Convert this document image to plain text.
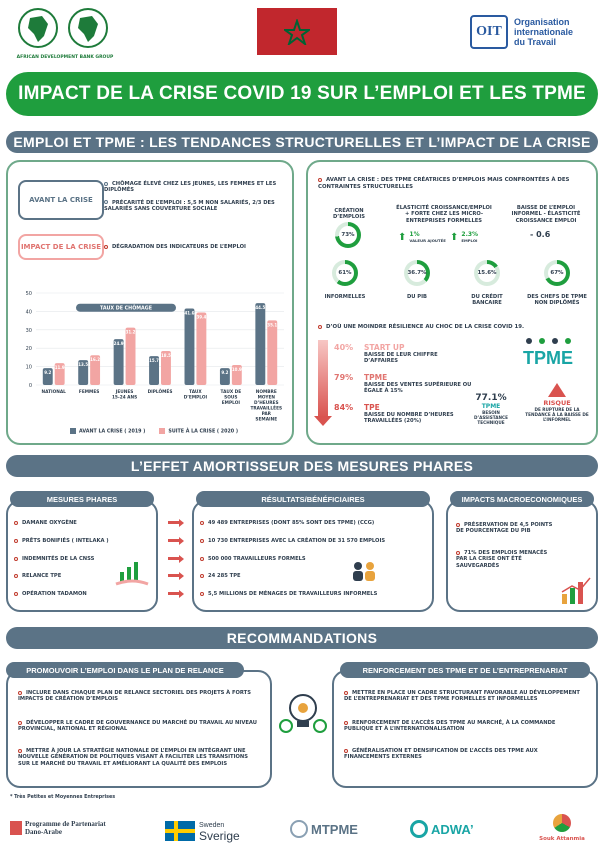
AFRICAN DEVELOPMENT BANK GROUP
OIT
Organisation
internationale
du Travail
IMPACT DE LA CRISE COVID 19 SUR L’EMPLOI ET LES TPME
EMPLOI ET TPME : LES TENDANCES STRUCTURELLES ET L’IMPACT DE LA CRISE
AVANT LA CRISE
CHÔMAGE ÉLEVÉ CHEZ LES JEUNES, LES FEMMES ET LES DIPLÔMÉS
PRÉCARITÉ DE L’EMPLOI : 5,5 M NON SALARIÉS, 2/3 DES SALARIÉS SANS COUVERTURE SOCIALE
IMPACT DE LA CRISE	DÉGRADATION DES INDICATEURS DE L’EMPLOI
0
10
20
30
40
50
TAUX DE CHÔMAGE
9.2
11.9
NATIONAL
13.5
16.2
FEMMES
24.9
31.2
JEUNES
15-24 ANS
15.7
18.5
DIPLÔMÉS
41.6
39.4
TAUX
D’EMPLOI
9.2
10.9
TAUX DE
SOUS
EMPLOI
44.5
35.1
NOMBRE
MOYEN
D’HEURES
TRAVAILLÉES
PAR
SEMAINE
AVANT LA CRISE ( 2019 )	SUITE À LA CRISE ( 2020 )
AVANT LA CRISE : DES TPME CRÉATRICES D’EMPLOIS MAIS CONFRONTÉES À DES CONTRAINTES STRUCTURELLES
CRÉATION D’EMPLOIS
73%
ÉLASTICITÉ CROISSANCE/EMPLOI + FORTE CHEZ LES MICRO-ENTREPRISES FORMELLES
⬆ 1%
VALEUR AJOUTÉE ⬆ 2.3%
EMPLOI
BAISSE DE L’EMPLOI INFORMEL - ÉLASTICITÉ CROISSANCE EMPLOI
- 0.6
61%
INFORMELLES
36.7%
DU PIB
15.6%
DU CRÉDIT BANCAIRE
67%
DES CHEFS DE TPME NON DIPLÔMÉS
D’OÙ UNE MOINDRE RÉSILIENCE AU CHOC DE LA CRISE COVID 19.
40%	START UP
BAISSE DE LEUR CHIFFRE D’AFFAIRES
79%	TPME
BAISSE DES VENTES SUPÉRIEURE OU ÉGALE À 15%
84%	TPE
BAISSE DU NOMBRE D’HEURES TRAVAILLÉES (20%)
TPME
77.1%
TPME
BESOIN D’ASSISTANCE TECHNIQUE
RISQUE
DE RUPTURE DE LA TENDANCE À LA BAISSE DE L’INFORMEL
L’EFFET AMORTISSEUR DES MESURES PHARES
MESURES PHARES	RÉSULTATS/BÉNÉFICIAIRES	IMPACTS MACROECONOMIQUES
DAMANE OXYGÈNE	49 489 ENTREPRISES (DONT 85% SONT DES TPME) (CCG)
PRÊTS BONIFIÉS ( INTELAKA )	10 730 ENTREPRISES AVEC LA CRÉATION DE 31 570 EMPLOIS
INDEMNITÉS DE LA CNSS	500 000 TRAVAILLEURS FORMELS
RELANCE TPE	24 285 TPE
OPÉRATION TADAMON	5,5 MILLIONS DE MÉNAGES DE TRAVAILLEURS INFORMELS
PRÉSERVATION DE 4,5 POINTS DE POURCENTAGE DU PIB
71% DES EMPLOIS MENACÉS PAR LA CRISE ONT ÉTÉ SAUVEGARDÉS
RECOMMANDATIONS
PROMOUVOIR L’EMPLOI DANS LE PLAN DE RELANCE	RENFORCEMENT DES TPME ET DE L’ENTREPRENARIAT
INCLURE DANS CHAQUE PLAN DE RELANCE SECTORIEL DES PROJETS À FORTS IMPACTS DE CRÉATION D’EMPLOIS
DÉVELOPPER LE CADRE DE GOUVERNANCE DU MARCHÉ DU TRAVAIL AU NIVEAU PROVINCIAL, NATIONAL ET RÉGIONAL
METTRE À JOUR LA STRATÉGIE NATIONALE DE L’EMPLOI EN INTÉGRANT UNE NOUVELLE GÉNÉRATION DE POLITIQUES VISANT À FACILITER LES TRANSITIONS SUR LE MARCHÉ DU TRAVAIL ET AMÉLIORANT LA QUALITÉ DES EMPLOIS
METTRE EN PLACE UN CADRE STRUCTURANT FAVORABLE AU DÉVELOPPEMENT DE L’ENTREPRENARIAT ET DES TPME FORMELLES ET INFORMELLES
RENFORCEMENT DE L’ACCÈS DES TPME AU MARCHÉ, À LA COMMANDE PUBLIQUE ET À L’INTERNATIONALISATION
GÉNÉRALISATION ET DENSIFICATION DE L’ACCÈS DES TPME AUX FINANCEMENTS EXTERNES
* Très Petites et Moyennes Entreprises
Programme de Partenariat
Dano-Arabe
Sweden
Sverige	MTPME	ADWA’
Souk Attanmia
